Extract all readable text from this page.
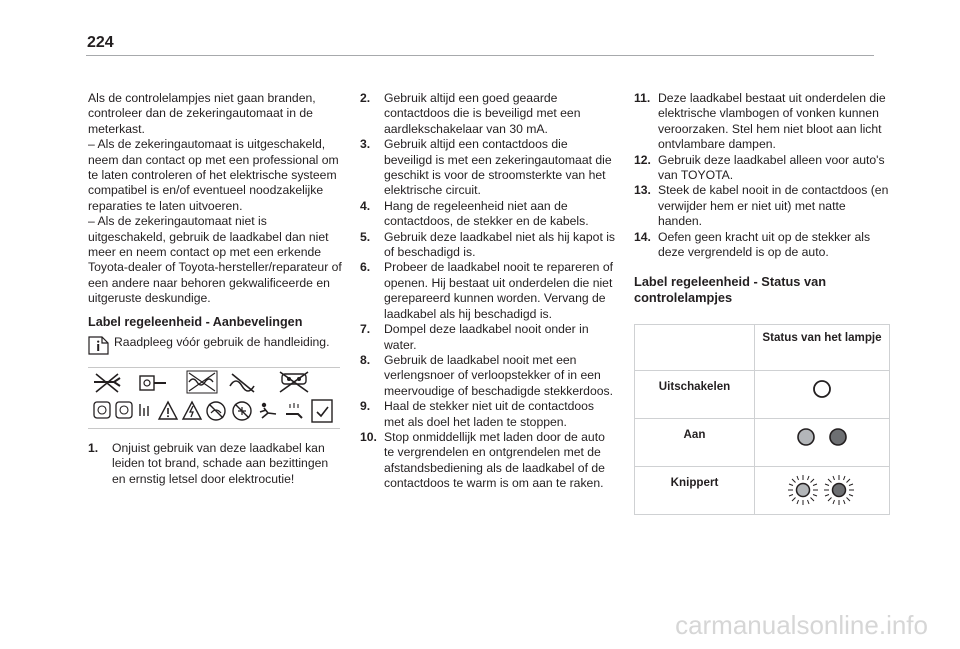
224

Als de controlelampjes niet gaan branden, controleer dan de zekeringautomaat in de meterkast.

– Als de zekeringautomaat is uitgeschakeld, neem dan contact op met een professional om te laten controleren of het elektrische systeem compatibel is en/of eventueel noodzakelijke reparaties te laten uitvoeren.

– Als de zekeringautomaat niet is uitgeschakeld, gebruik de laadkabel dan niet meer en neem contact op met een erkende Toyota-dealer of Toyota-hersteller/reparateur of een andere naar behoren gekwalificeerde en uitgeruste deskundige.

Label regeleenheid - Aanbevelingen
Raadpleeg vóór gebruik de handleiding.
1.	Onjuist gebruik van deze laadkabel kan leiden tot brand, schade aan bezittingen en ernstig letsel door elektrocutie!
2.	Gebruik altijd een goed geaarde contactdoos die is beveiligd met een aardlekschakelaar van 30 mA.
3.	Gebruik altijd een contactdoos die beveiligd is met een zekeringautomaat die geschikt is voor de stroomsterkte van het elektrische circuit.
4.	Hang de regeleenheid niet aan de contactdoos, de stekker en de kabels.
5.	Gebruik deze laadkabel niet als hij kapot is of beschadigd is.
6.	Probeer de laadkabel nooit te repareren of openen. Hij bestaat uit onderdelen die niet gerepareerd kunnen worden. Vervang de laadkabel als hij beschadigd is.
7.	Dompel deze laadkabel nooit onder in water.
8.	Gebruik de laadkabel nooit met een verlengsnoer of verloopstekker of in een meervoudige of beschadigde stekkerdoos.
9.	Haal de stekker niet uit de contactdoos met als doel het laden te stoppen.
10. Stop onmiddellijk met laden door de auto te vergrendelen en ontgrendelen met de afstandsbediening als de laadkabel of de contactdoos te warm is om aan te raken.
11. Deze laadkabel bestaat uit onderdelen die elektrische vlambogen of vonken kunnen veroorzaken. Stel hem niet bloot aan licht ontvlambare dampen.
12. Gebruik deze laadkabel alleen voor auto's van TOYOTA.
13. Steek de kabel nooit in de contactdoos (en verwijder hem er niet uit) met natte handen.
14. Oefen geen kracht uit op de stekker als deze vergrendeld is op de auto.
Label regeleenheid - Status van controlelampjes
	Status van het lampje
Uitschakelen	
Aan	
Knippert	
carmanualsonline.info
